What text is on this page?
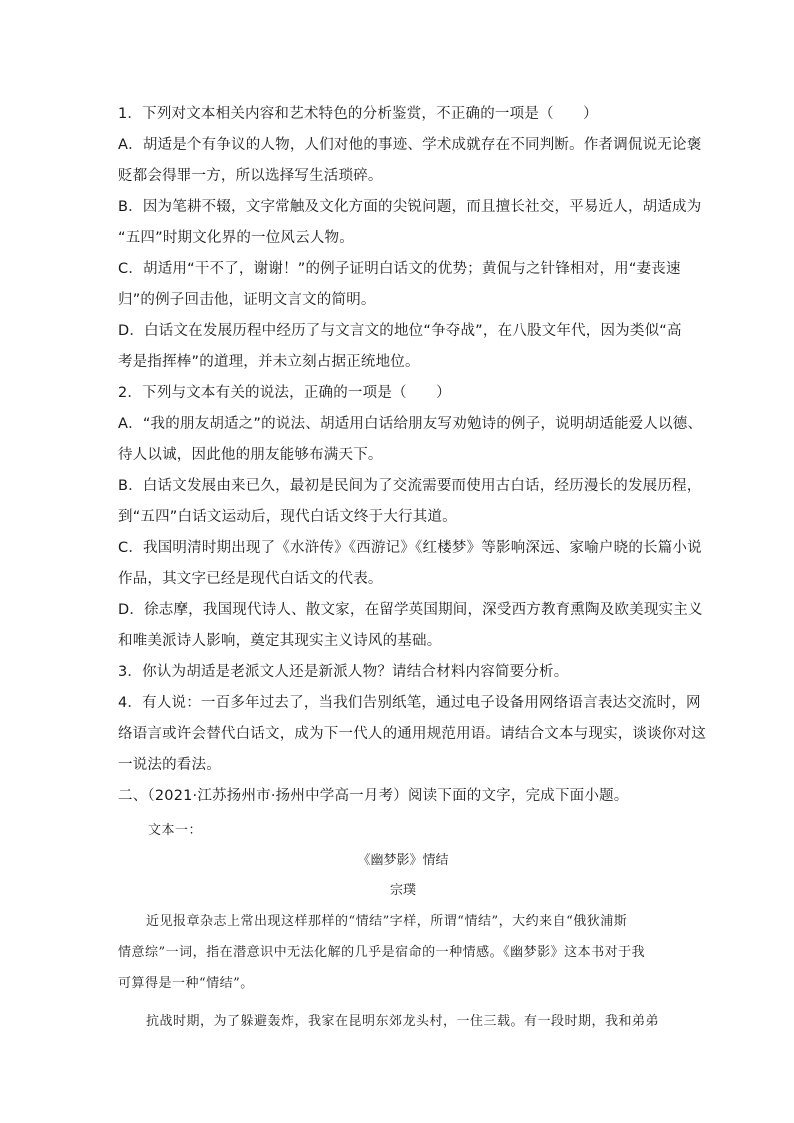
1．下列对文本相关内容和艺术特色的分析鉴赏，不正确的一项是（　　）
A．胡适是个有争议的人物，人们对他的事迹、学术成就存在不同判断。作者调侃说无论褒
贬都会得罪一方，所以选择写生活琐碎。
B．因为笔耕不辍，文字常触及文化方面的尖锐问题，而且擅长社交，平易近人，胡适成为
“五四”时期文化界的一位风云人物。
C．胡适用“干不了，谢谢！”的例子证明白话文的优势；黄侃与之针锋相对，用“妻丧速
归”的例子回击他，证明文言文的简明。
D．白话文在发展历程中经历了与文言文的地位“争夺战”，在八股文年代，因为类似“高
考是指挥棒”的道理，并未立刻占据正统地位。
2．下列与文本有关的说法，正确的一项是（　　）
A．“我的朋友胡适之”的说法、胡适用白话给朋友写劝勉诗的例子，说明胡适能爱人以德、
待人以诚，因此他的朋友能够布满天下。
B．白话文发展由来已久，最初是民间为了交流需要而使用古白话，经历漫长的发展历程，
到“五四”白话文运动后，现代白话文终于大行其道。
C．我国明清时期出现了《水浒传》《西游记》《红楼梦》等影响深远、家喻户晓的长篇小说
作品，其文字已经是现代白话文的代表。
D．徐志摩，我国现代诗人、散文家，在留学英国期间，深受西方教育熏陶及欧美现实主义
和唯美派诗人影响，奠定其现实主义诗风的基础。
3．你认为胡适是老派文人还是新派人物？请结合材料内容简要分析。
4．有人说：一百多年过去了，当我们告别纸笔，通过电子设备用网络语言表达交流时，网
络语言或许会替代白话文，成为下一代人的通用规范用语。请结合文本与现实，谈谈你对这
一说法的看法。
二、（2021·江苏扬州市·扬州中学高一月考）阅读下面的文字，完成下面小题。
文本一：
《幽梦影》情结
宗璞
近见报章杂志上常出现这样那样的“情结”字样，所谓“情结”，大约来自“俄狄浦斯
情意综”一词，指在潜意识中无法化解的几乎是宿命的一种情感。《幽梦影》这本书对于我
可算得是一种“情结”。
抗战时期，为了躲避轰炸，我家在昆明东郊龙头村，一住三载。有一段时期，我和弟弟
